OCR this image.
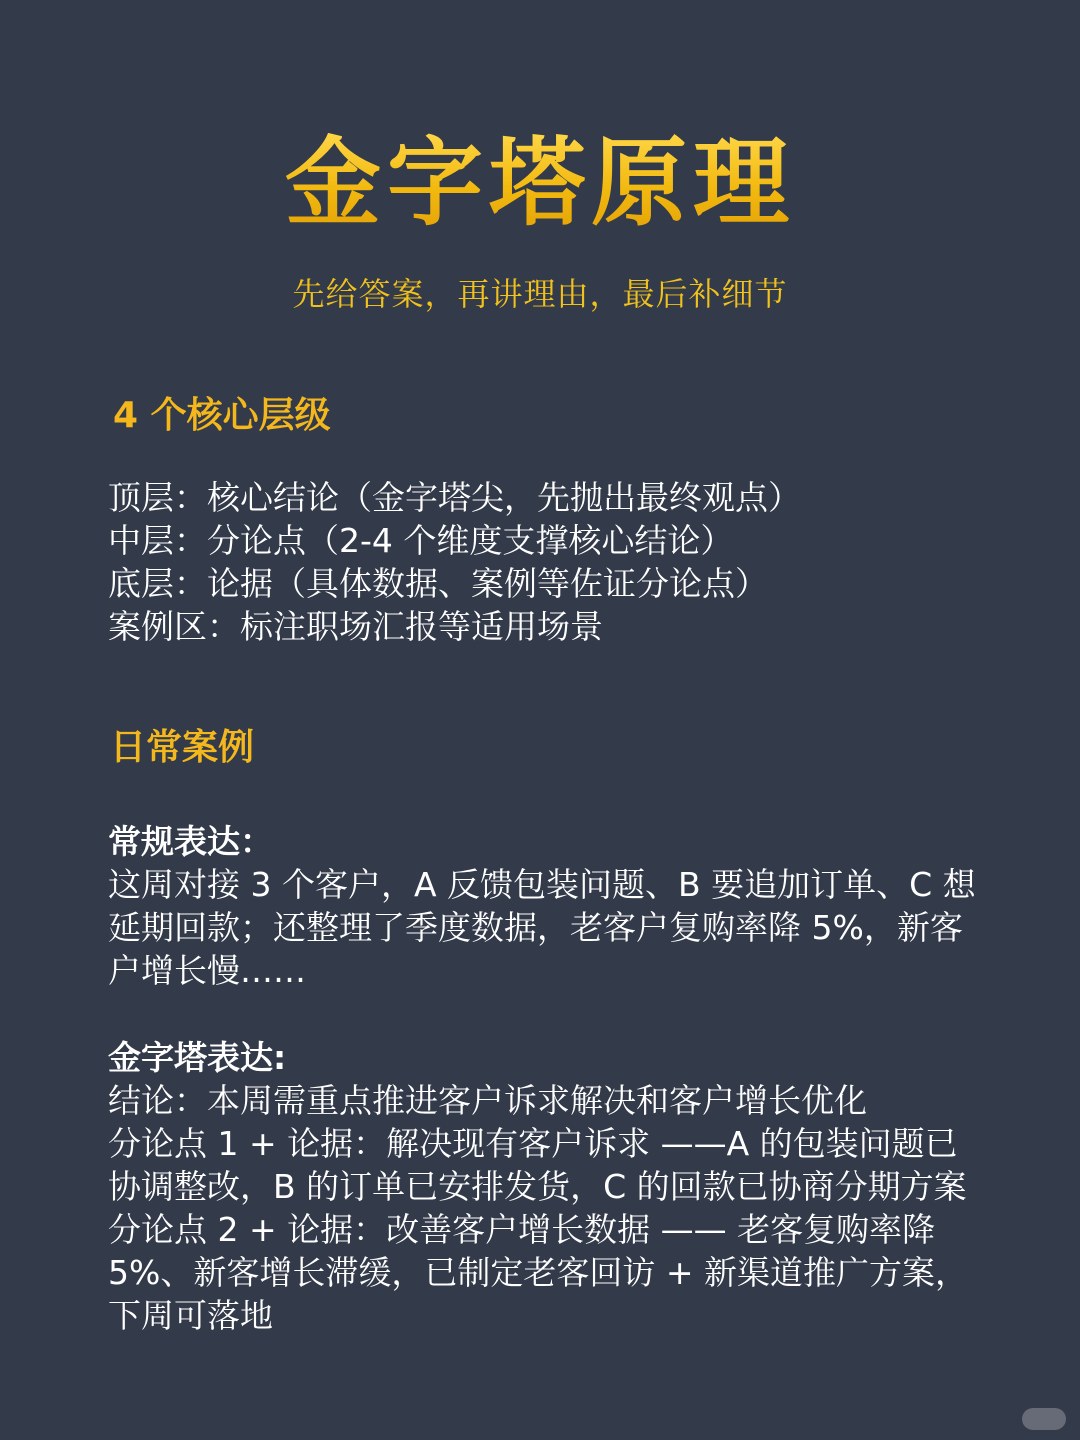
金字塔原理
先给答案，再讲理由，最后补细节
4 个核心层级
顶层：核心结论（金字塔尖，先抛出最终观点）
中层：分论点（2-4 个维度支撑核心结论）
底层：论据（具体数据、案例等佐证分论点）
案例区：标注职场汇报等适用场景
日常案例
常规表达：
这周对接 3 个客户，A 反馈包装问题、B 要追加订单、C 想延期回款；还整理了季度数据，老客户复购率降 5%，新客户增长慢……
金字塔表达:
结论：本周需重点推进客户诉求解决和客户增长优化
分论点 1 + 论据：解决现有客户诉求 ——A 的包装问题已协调整改，B 的订单已安排发货，C 的回款已协商分期方案
分论点 2 + 论据：改善客户增长数据 —— 老客复购率降 5%、新客增长滞缓，已制定老客回访 + 新渠道推广方案，下周可落地
